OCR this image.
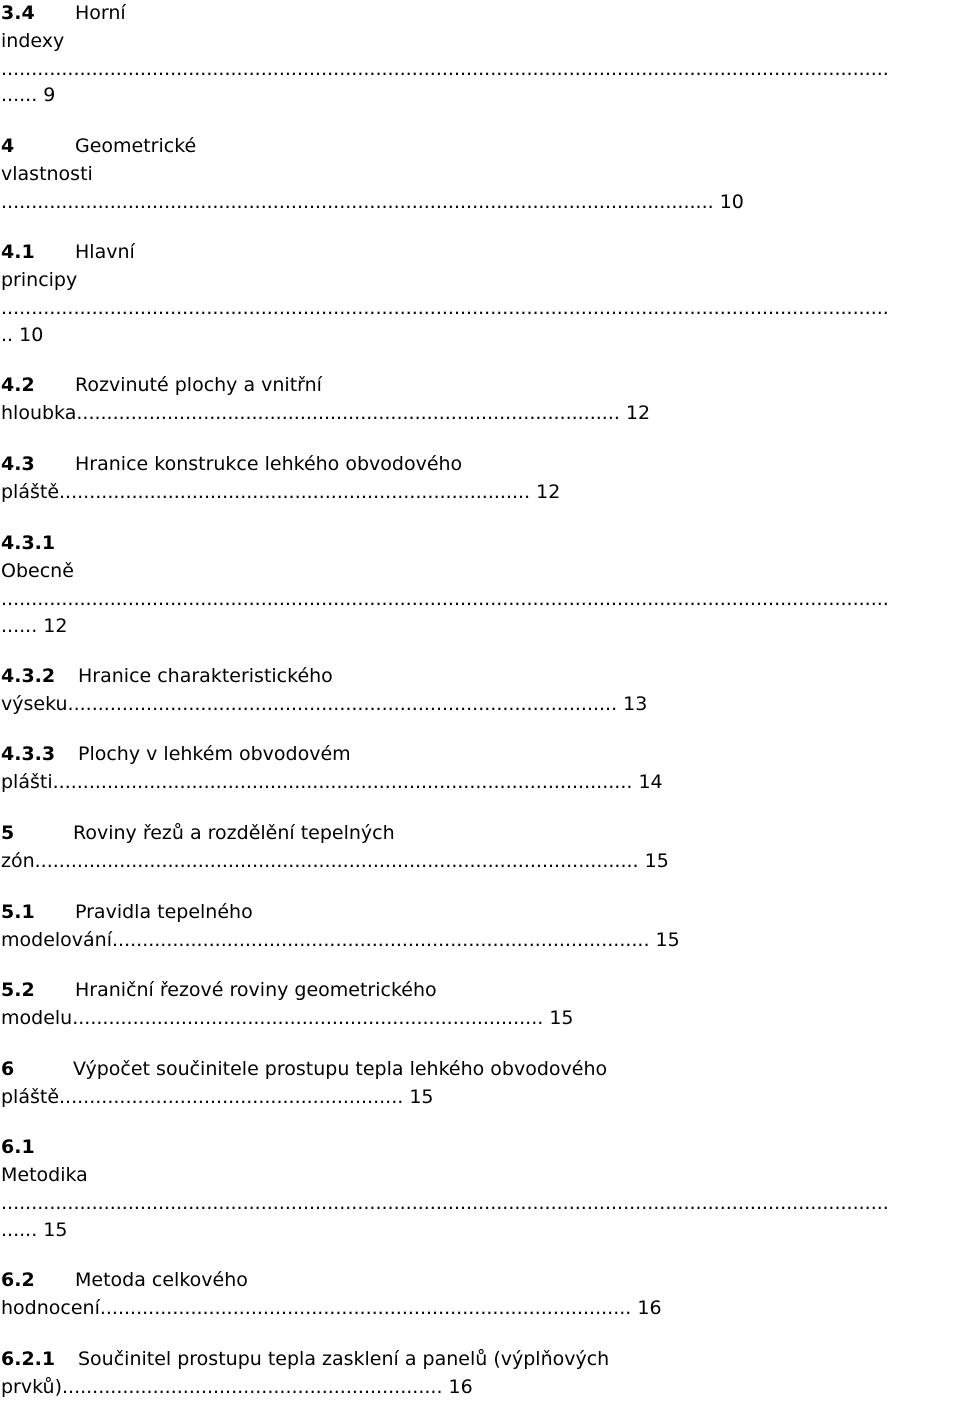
3.4 Horní
indexy
...................................................................................................................................................
...... 9
4	Geometrické
vlastnosti
...................................................................................................................... 10
4.1 Hlavní
principy
...................................................................................................................................................
.. 10
4.2 Rozvinuté plochy a vnitřní
hloubka.......................................................................................... 12
4.3 Hranice konstrukce lehkého obvodového
pláště.............................................................................. 12
4.3.1
Obecně
...................................................................................................................................................
...... 12
4.3.2 Hranice charakteristického
výseku........................................................................................... 13
4.3.3 Plochy v lehkém obvodovém
plášti................................................................................................ 14
5	Roviny řezů a rozdělění tepelných
zón.................................................................................................... 15
5.1 Pravidla tepelného
modelování......................................................................................... 15
5.2 Hraniční řezové roviny geometrického
modelu.............................................................................. 15
6	Výpočet součinitele prostupu tepla lehkého obvodového
pláště......................................................... 15
6.1
Metodika
...................................................................................................................................................
...... 15
6.2 Metoda celkového
hodnocení........................................................................................ 16
6.2.1 Součinitel prostupu tepla zasklení a panelů (výplňových
prvků)............................................................... 16
